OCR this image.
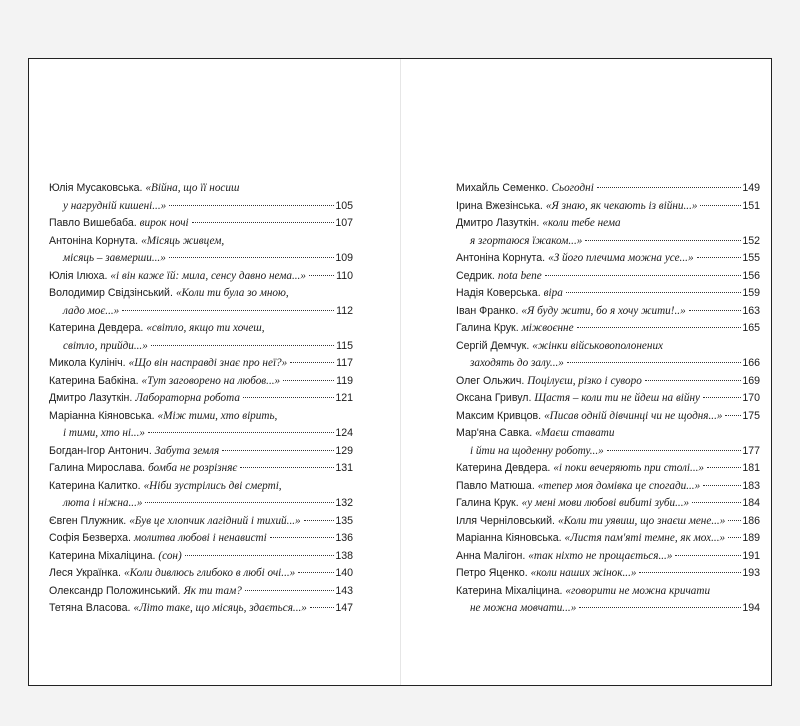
Юлія Мусаковська. «Війна, що її носиш
у нагрудній кишені...»	105
Павло Вишебаба. вирок ночі	107
Антоніна Корнута. «Місяць живцем,
місяць – завмерши...»	109
Юлія Ілюха. «і він каже їй: мила, сенсу давно нема...»	110
Володимир Свідзінський. «Коли ти була зо мною,
ладо моє...»	112
Катерина Девдера. «світло, якщо ти хочеш,
світло, прийди...»	115
Микола Кулініч. «Що він насправді знає про неї?»	117
Катерина Бабкіна. «Тут заговорено на любов...»	119
Дмитро Лазуткін. Лабораторна робота	121
Маріанна Кіяновська. «Між тими, хто вірить,
і тими, хто ні...»	124
Богдан-Ігор Антонич. Забута земля	129
Галина Мирослава. бомба не розрізняє	131
Катерина Калитко. «Ніби зустрілись дві смерті,
люта і ніжна...»	132
Євген Плужник. «Був це хлопчик лагідний і тихий...»	135
Софія Безверха. молитва любові і ненависті	136
Катерина Міхаліцина. (сон)	138
Леся Українка. «Коли дивлюсь глибоко в любі очі...»	140
Олександр Положинський. Як ти там?	143
Тетяна Власова. «Літо таке, що місяць, здається...»	147
Михайль Семенко. Сьогодні	149
Ірина Вжезінська. «Я знаю, як чекають із війни...»	151
Дмитро Лазуткін. «коли тебе нема
я згортаюся їжаком...»	152
Антоніна Корнута. «З його плечима можна усе...»	155
Седрик. nota bene	156
Надія Коверська. віра	159
Іван Франко. «Я буду жити, бо я хочу жити!..»	163
Галина Крук. міжвоєнне	165
Сергій Демчук. «жінки військовополонених
заходять до залу...»	166
Олег Ольжич. Поцілуєш, різко і суворо	169
Оксана Гривул. Щастя – коли ти не йдеш на війну	170
Максим Кривцов. «Писав одній дівчинці чи не щодня...» 175
Мар'яна Савка. «Маєш ставати
і йти на щоденну роботу...»	177
Катерина Девдера. «і поки вечеряють при столі...»	181
Павло Матюша. «тепер моя домівка це спогади...»	183
Галина Крук. «у мені мови любові вибиті зуби...»	184
Ілля Черніловський. «Коли ти уявиш, що знаєш мене...» 186
Маріанна Кіяновська. «Листя пам'яті темне, як мох...» 189
Анна Малігон. «так ніхто не прощається...»	191
Петро Яценко. «коли наших жінок...»	193
Катерина Міхаліцина. «говорити не можна кричати
не можна мовчати...»	194
